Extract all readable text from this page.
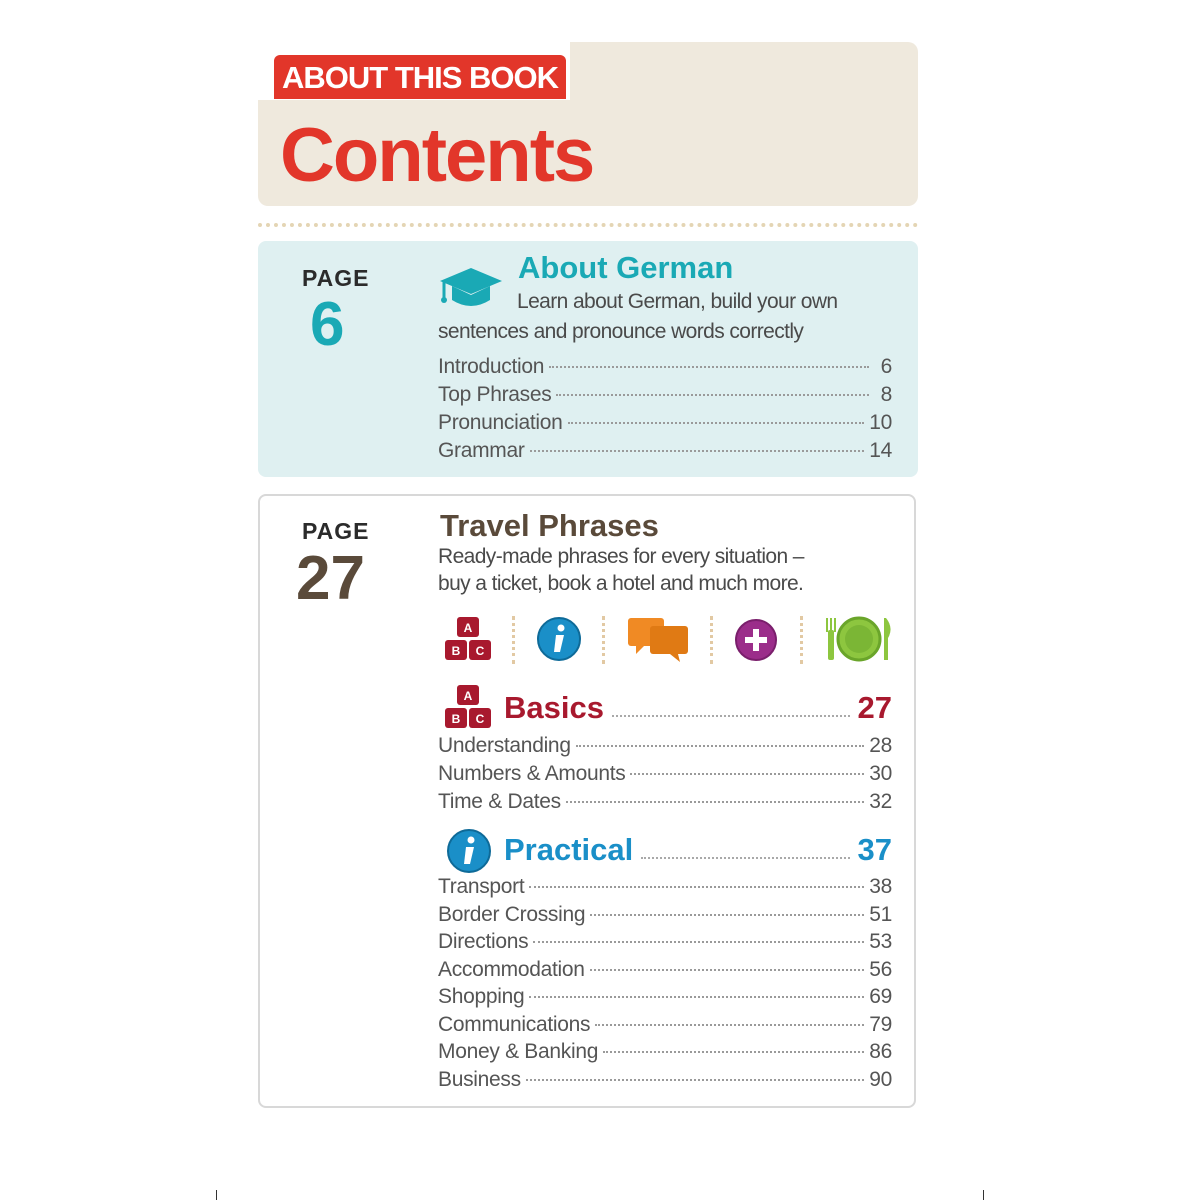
ABOUT THIS BOOK
Contents
PAGE
6
About German
Learn about German, build your own
sentences and pronounce words correctly
Introduction	6
Top Phrases	8
Pronunciation	10
Grammar	14
PAGE
27
Travel Phrases
Ready-made phrases for every situation –
buy a ticket, book a hotel and much more.
A
B C
A
B C Basics	27
Understanding	28
Numbers & Amounts	30
Time & Dates	32
Practical	37
Transport	38
Border Crossing	51
Directions	53
Accommodation	56
Shopping	69
Communications	79
Money & Banking	86
Business	90
